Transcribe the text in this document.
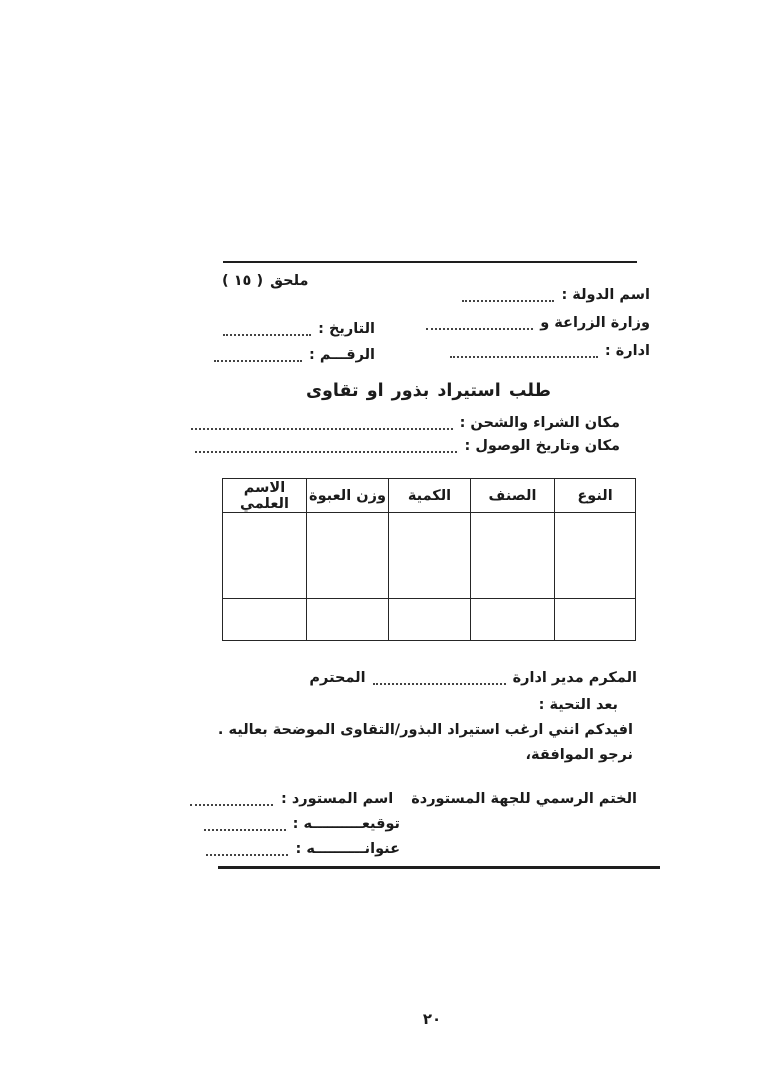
ملحق
( ١٥ )
اسم الدولة :
وزارة الزراعة و
ادارة :
التاريخ :
الرقـــم :
طلب استيراد بذور او تقاوى
مكان الشراء والشحن :
مكان وتاريخ الوصول :
النوع	الصنف	الكمية	وزن العبوة	الاسم العلمي

المكرم مدير ادارة
المحترم
بعد التحية :
افيدكم انني ارغب استيراد البذور/التقاوى الموضحة بعاليه .
نرجو الموافقة،
الختم الرسمي للجهة المستوردة
اسم المستورد :
توقيعــــــــــه :
عنوانــــــــــه :
٢٠
